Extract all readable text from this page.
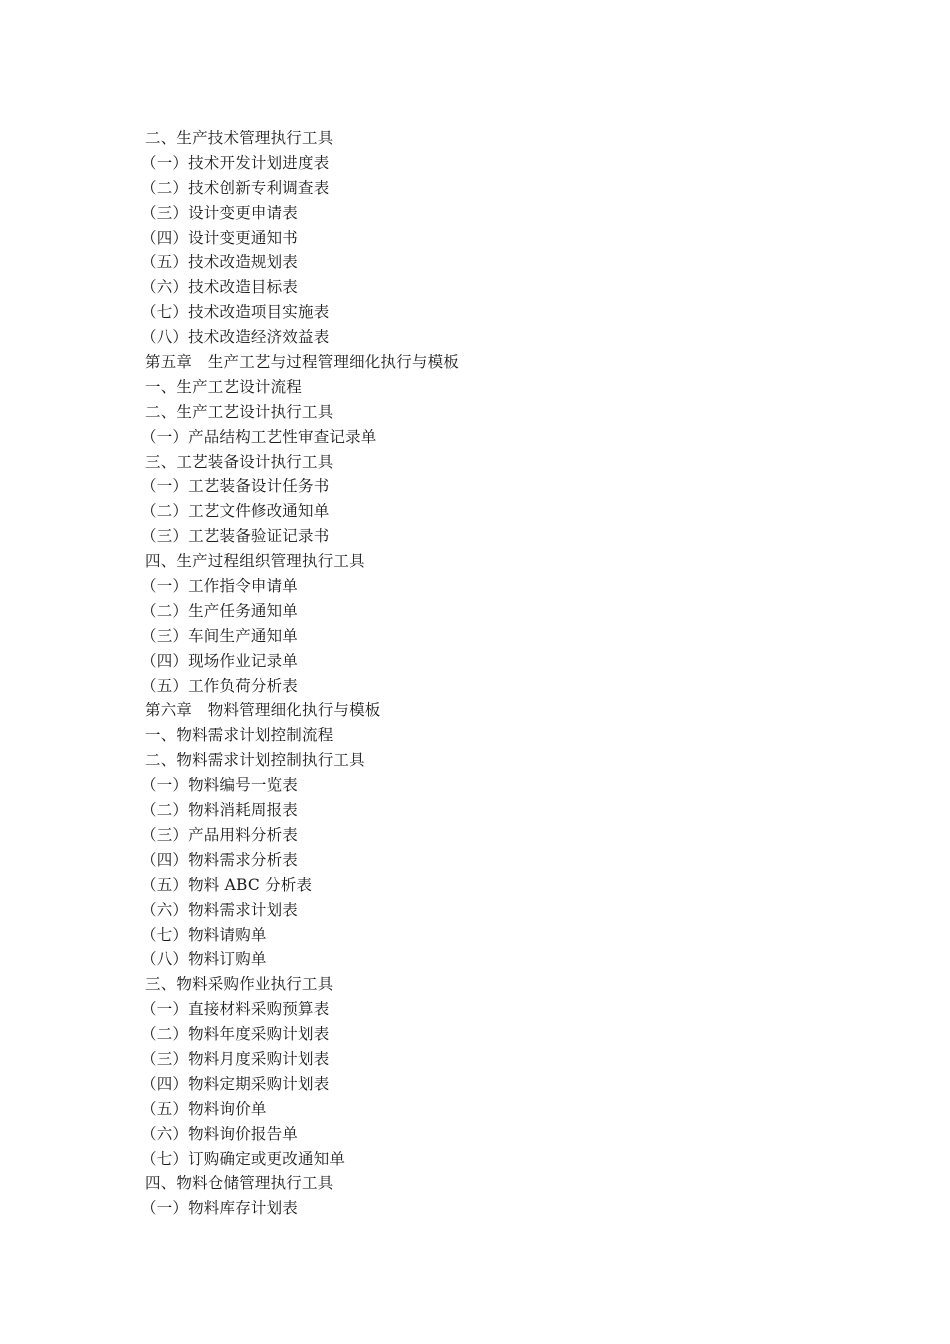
二、生产技术管理执行工具
（一）技术开发计划进度表
（二）技术创新专利调查表
（三）设计变更申请表
（四）设计变更通知书
（五）技术改造规划表
（六）技术改造目标表
（七）技术改造项目实施表
（八）技术改造经济效益表
第五章　生产工艺与过程管理细化执行与模板
一、生产工艺设计流程
二、生产工艺设计执行工具
（一）产品结构工艺性审查记录单
三、工艺装备设计执行工具
（一）工艺装备设计任务书
（二）工艺文件修改通知单
（三）工艺装备验证记录书
四、生产过程组织管理执行工具
（一）工作指令申请单
（二）生产任务通知单
（三）车间生产通知单
（四）现场作业记录单
（五）工作负荷分析表
第六章　物料管理细化执行与模板
一、物料需求计划控制流程
二、物料需求计划控制执行工具
（一）物料编号一览表
（二）物料消耗周报表
（三）产品用料分析表
（四）物料需求分析表
（五）物料 ABC 分析表
（六）物料需求计划表
（七）物料请购单
（八）物料订购单
三、物料采购作业执行工具
（一）直接材料采购预算表
（二）物料年度采购计划表
（三）物料月度采购计划表
（四）物料定期采购计划表
（五）物料询价单
（六）物料询价报告单
（七）订购确定或更改通知单
四、物料仓储管理执行工具
（一）物料库存计划表
